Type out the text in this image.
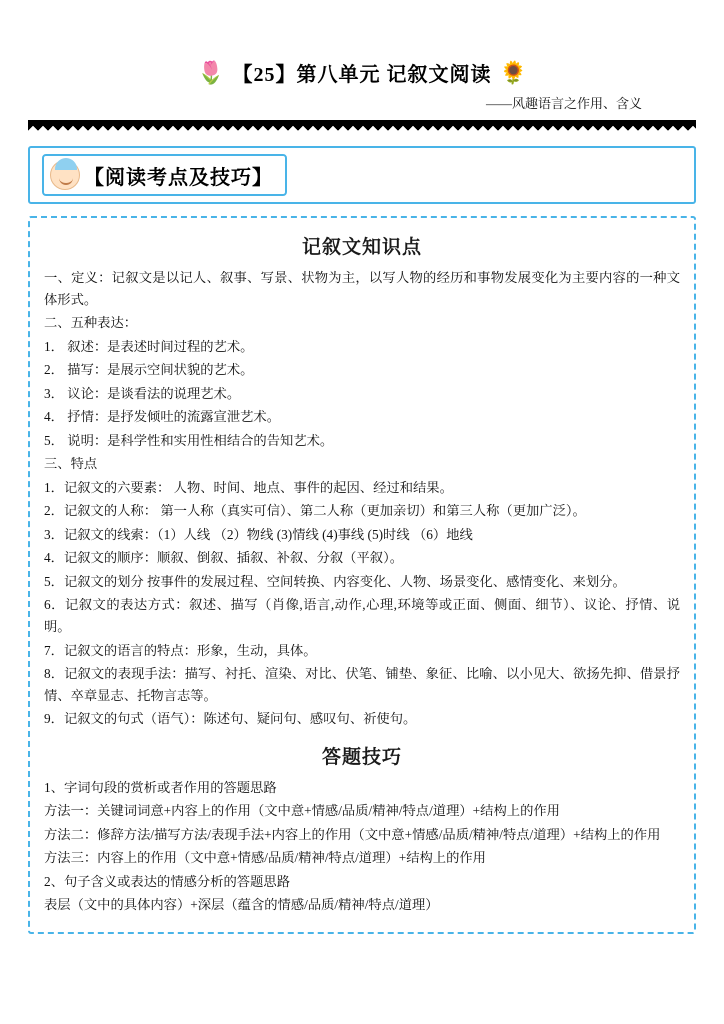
🌷 【25】第八单元 记叙文阅读 🌻
——风趣语言之作用、含义
【阅读考点及技巧】
记叙文知识点

一、定义：记叙文是以记人、叙事、写景、状物为主，以写人物的经历和事物发展变化为主要内容的一种文体形式。

二、五种表达：

1． 叙述：是表述时间过程的艺术。

2． 描写：是展示空间状貌的艺术。

3． 议论：是谈看法的说理艺术。

4． 抒情：是抒发倾吐的流露宣泄艺术。

5． 说明：是科学性和实用性相结合的告知艺术。

三、特点

1．记叙文的六要素： 人物、时间、地点、事件的起因、经过和结果。

2．记叙文的人称： 第一人称（真实可信）、第二人称（更加亲切）和第三人称（更加广泛）。

3．记叙文的线索：（1）人线 （2）物线 (3)情线 (4)事线 (5)时线 （6）地线

4．记叙文的顺序：顺叙、倒叙、插叙、补叙、分叙（平叙）。

5．记叙文的划分 按事件的发展过程、空间转换、内容变化、人物、场景变化、感情变化、来划分。

6．记叙文的表达方式：叙述、描写（肖像,语言,动作,心理,环境等或正面、侧面、细节）、议论、抒情、说明。

7．记叙文的语言的特点：形象，生动，具体。

8．记叙文的表现手法：描写、衬托、渲染、对比、伏笔、铺垫、象征、比喻、以小见大、欲扬先抑、借景抒情、卒章显志、托物言志等。

9．记叙文的句式（语气）：陈述句、疑问句、感叹句、祈使句。

答题技巧

1、字词句段的赏析或者作用的答题思路

方法一：关键词词意+内容上的作用（文中意+情感/品质/精神/特点/道理）+结构上的作用

方法二：修辞方法/描写方法/表现手法+内容上的作用（文中意+情感/品质/精神/特点/道理）+结构上的作用

方法三：内容上的作用（文中意+情感/品质/精神/特点/道理）+结构上的作用

2、句子含义或表达的情感分析的答题思路

表层（文中的具体内容）+深层（蕴含的情感/品质/精神/特点/道理）
